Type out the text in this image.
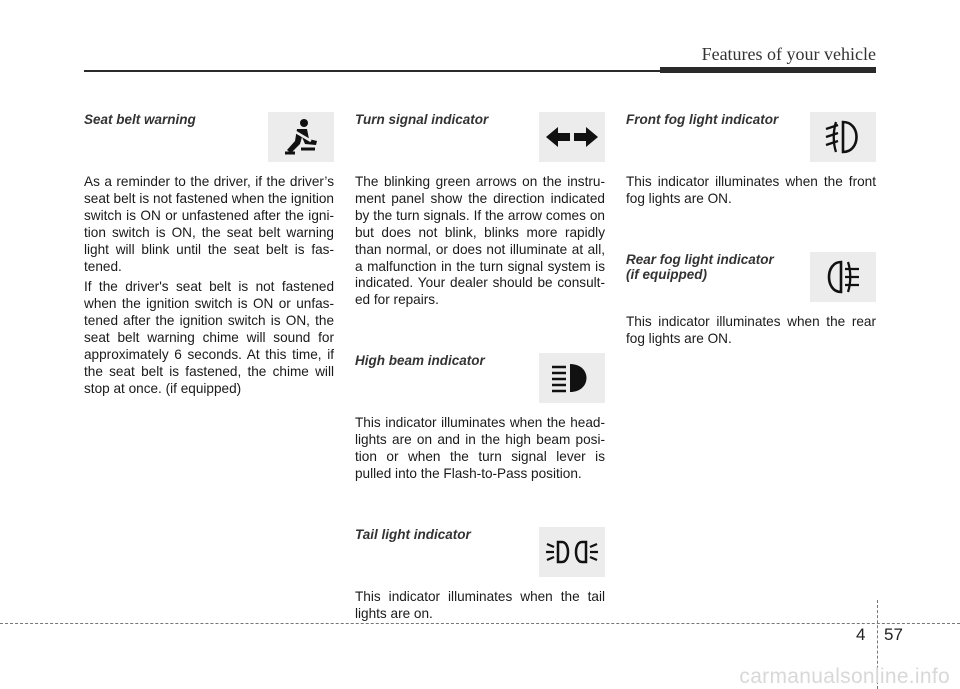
Features of your vehicle
Seat belt warning

As a reminder to the driver, if the driver’s seat belt is not fastened when the ignition switch is ON or unfastened after the igni-tion switch is ON, the seat belt warning light will blink until the seat belt is fas-tened.

If the driver's seat belt is not fastened when the ignition switch is ON or unfas-tened after the ignition switch is ON, the seat belt warning chime will sound for approximately 6 seconds. At this time, if the seat belt is fastened, the chime will stop at once. (if equipped)

Turn signal indicator

The blinking green arrows on the instru-ment panel show the direction indicated by the turn signals. If the arrow comes on but does not blink, blinks more rapidly than normal, or does not illuminate at all, a malfunction in the turn signal system is indicated. Your dealer should be consult-ed for repairs.

High beam indicator

This indicator illuminates when the head-lights are on and in the high beam posi-tion or when the turn signal lever is pulled into the Flash-to-Pass position.

Tail light indicator

This indicator illuminates when the tail lights are on.

Front fog light indicator

This indicator illuminates when the front fog lights are ON.

Rear fog light indicator
(if equipped)

This indicator illuminates when the rear fog lights are ON.

4 57
carmanualsonline.info
